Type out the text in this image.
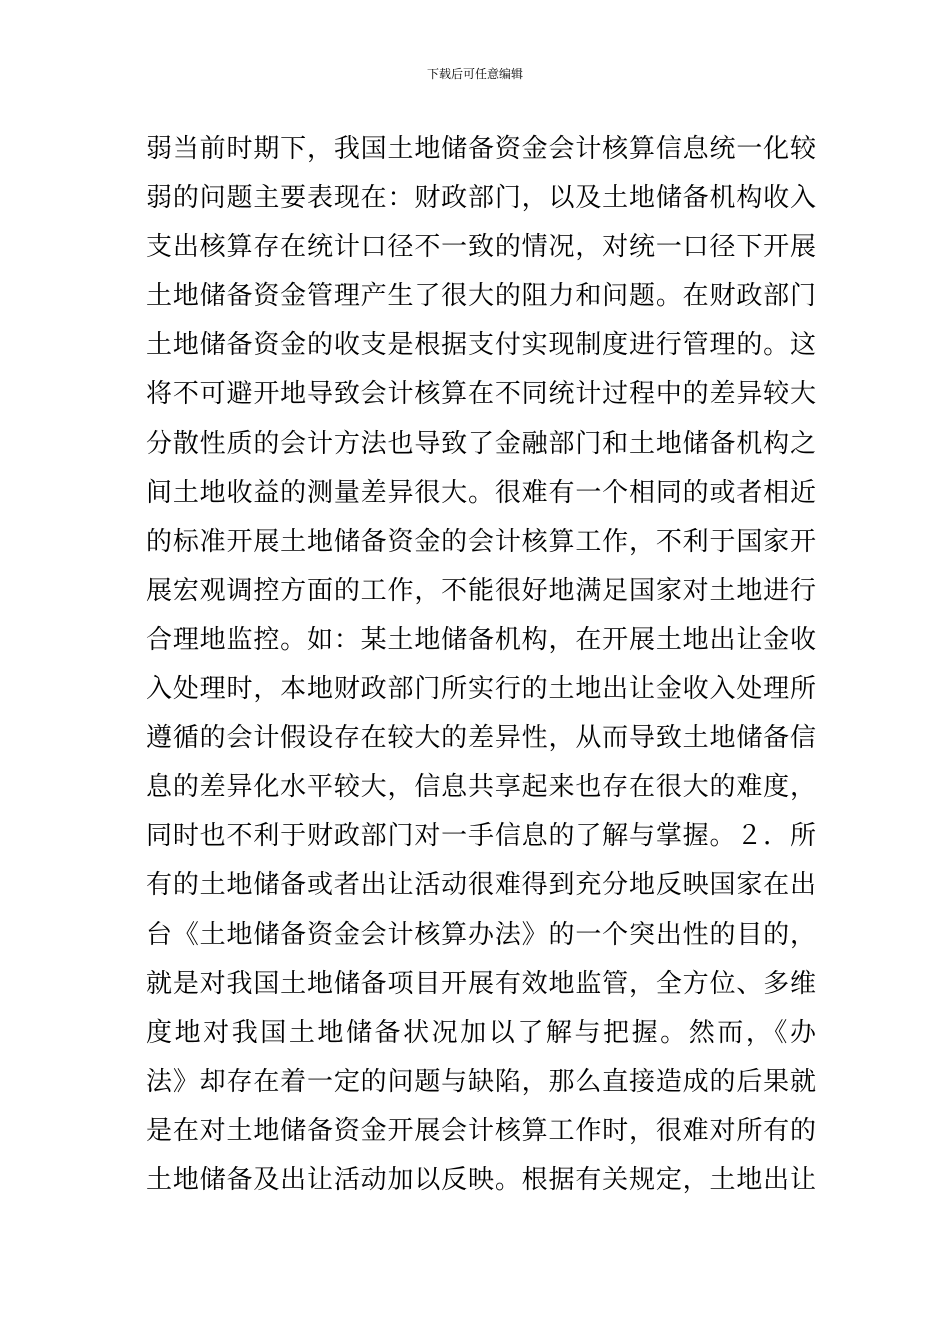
下载后可任意编辑
弱当前时期下，我国土地储备资金会计核算信息统一化较
弱的问题主要表现在：财政部门，以及土地储备机构收入
支出核算存在统计口径不一致的情况，对统一口径下开展
土地储备资金管理产生了很大的阻力和问题。在财政部门
土地储备资金的收支是根据支付实现制度进行管理的。这
将不可避开地导致会计核算在不同统计过程中的差异较大
分散性质的会计方法也导致了金融部门和土地储备机构之
间土地收益的测量差异很大。很难有一个相同的或者相近
的标准开展土地储备资金的会计核算工作，不利于国家开
展宏观调控方面的工作，不能很好地满足国家对土地进行
合理地监控。如：某土地储备机构，在开展土地出让金收
入处理时，本地财政部门所实行的土地出让金收入处理所
遵循的会计假设存在较大的差异性，从而导致土地储备信
息的差异化水平较大，信息共享起来也存在很大的难度，
同时也不利于财政部门对一手信息的了解与掌握。２．所
有的土地储备或者出让活动很难得到充分地反映国家在出
台《土地储备资金会计核算办法》的一个突出性的目的，
就是对我国土地储备项目开展有效地监管，全方位、多维
度地对我国土地储备状况加以了解与把握。然而，《办
法》却存在着一定的问题与缺陷，那么直接造成的后果就
是在对土地储备资金开展会计核算工作时，很难对所有的
土地储备及出让活动加以反映。根据有关规定，土地出让
